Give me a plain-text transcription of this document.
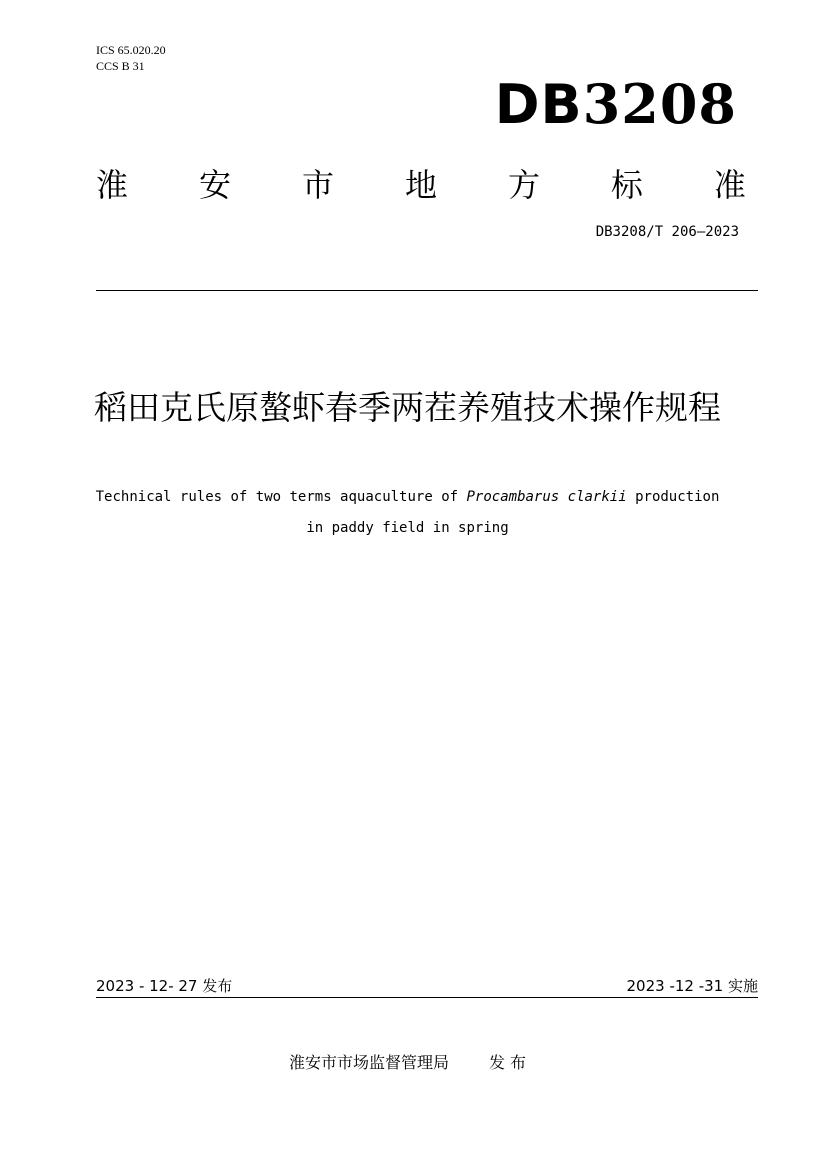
ICS 65.020.20
CCS B 31
DB3208
淮 安 市 地 方 标 准
DB3208/T 206—2023
稻田克氏原螯虾春季两茬养殖技术操作规程
Technical rules of two terms aquaculture of Procambarus clarkii production
in paddy field in spring
2023 - 12- 27 发布	2023 -12 -31 实施
淮安市市场监督管理局	发 布
